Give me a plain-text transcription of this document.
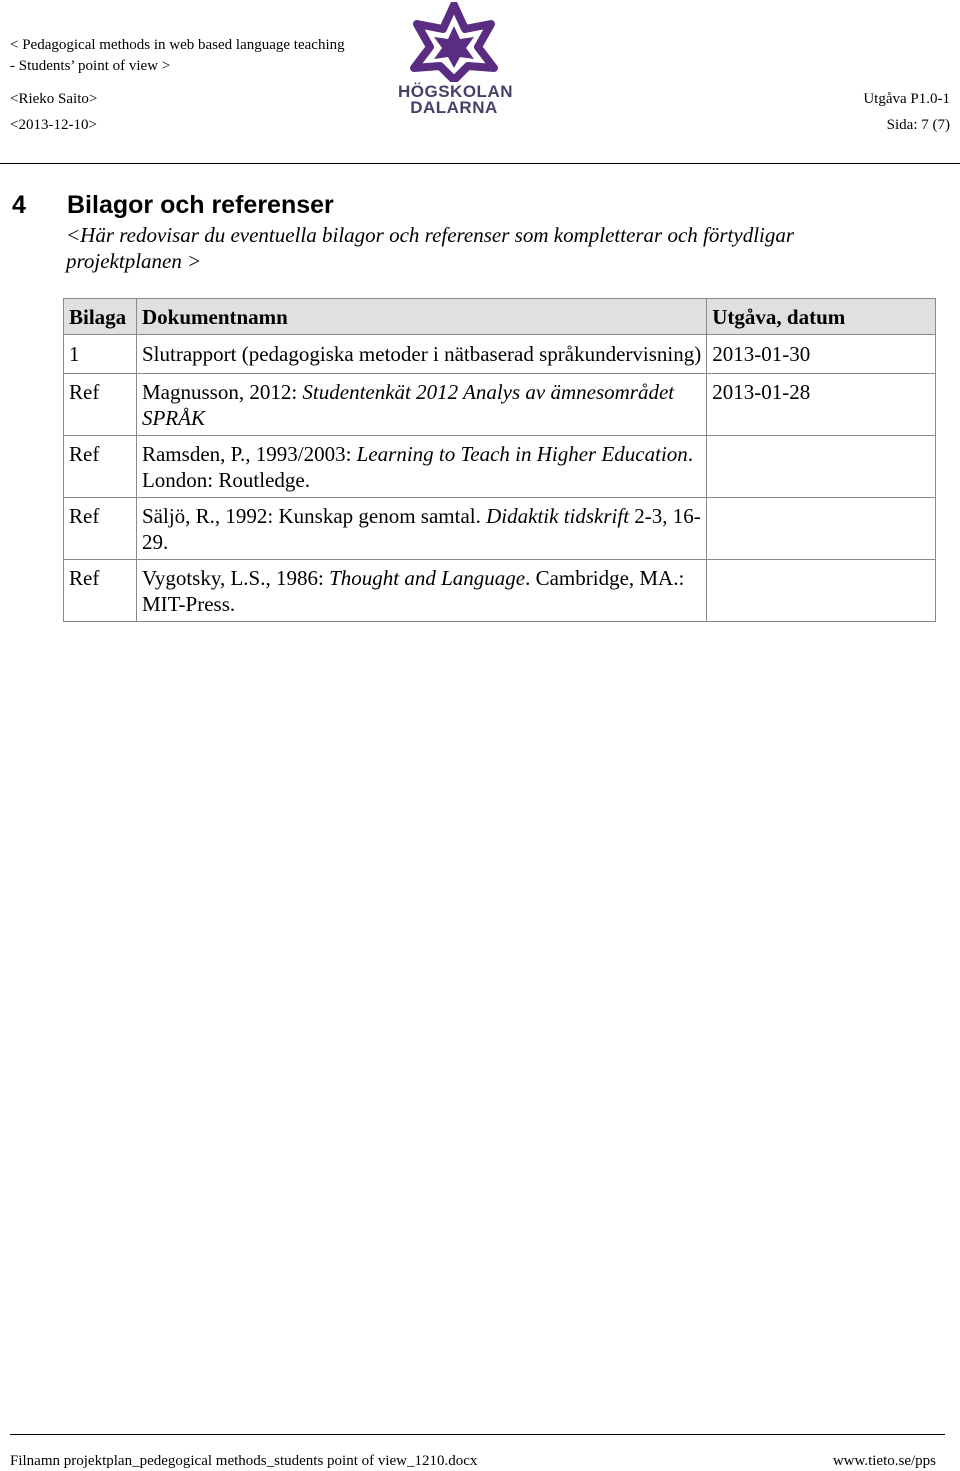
< Pedagogical methods in web based language teaching
- Students’ point of view >
<Rieko Saito>
<2013-12-10>
Utgåva P1.0-1
Sida: 7 (7)
HÖGSKOLAN
DALARNA
4 Bilagor och referenser
<Här redovisar du eventuella bilagor och referenser som kompletterar och förtydligar projektplanen >
Bilaga	Dokumentnamn	Utgåva, datum
1	Slutrapport (pedagogiska metoder i nätbaserad språkundervisning)	2013-01-30
Ref	Magnusson, 2012: Studentenkät 2012 Analys av ämnesområdet SPRÅK	2013-01-28
Ref	Ramsden, P., 1993/2003: Learning to Teach in Higher Education. London: Routledge.	
Ref	Säljö, R., 1992: Kunskap genom samtal. Didaktik tidskrift 2-3, 16-29.	
Ref	Vygotsky, L.S., 1986: Thought and Language. Cambridge, MA.: MIT-Press.	
Filnamn projektplan_pedegogical methods_students point of view_1210.docx	www.tieto.se/pps
